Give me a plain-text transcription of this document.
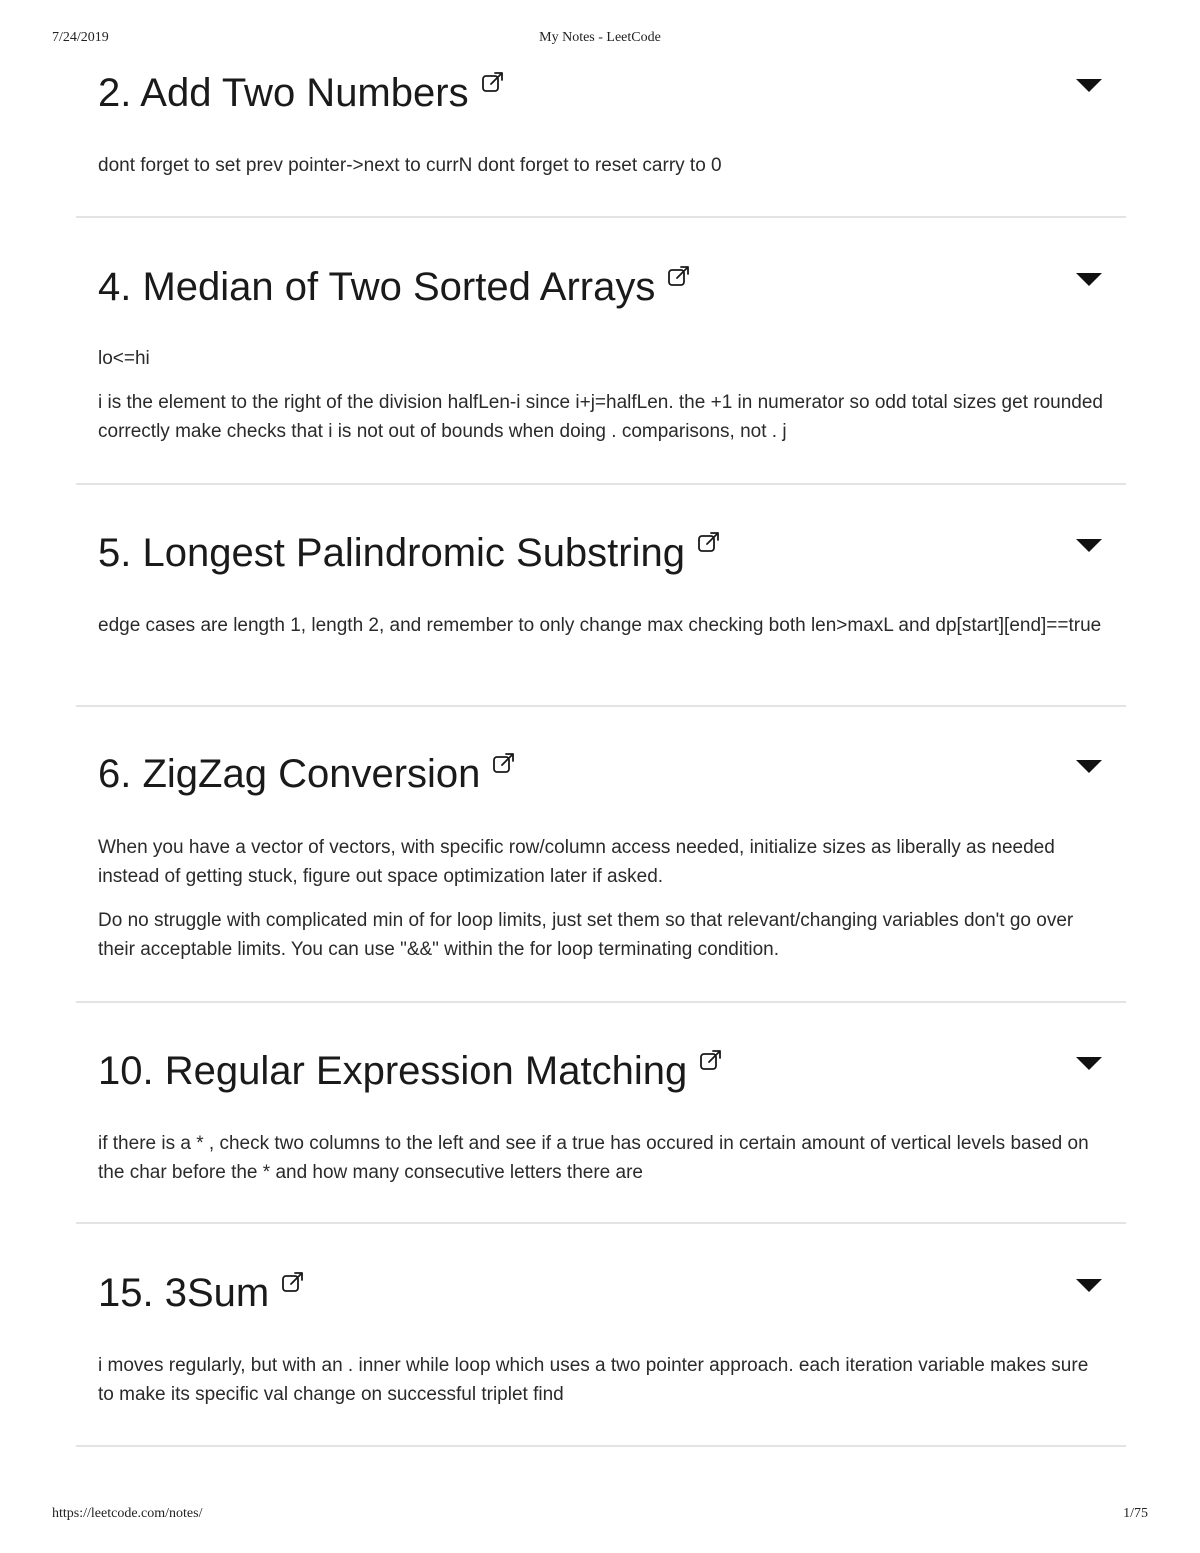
7/24/2019	My Notes - LeetCode
2. Add Two Numbers

dont forget to set prev pointer->next to currN dont forget to reset carry to 0

4. Median of Two Sorted Arrays

lo<=hi

i is the element to the right of the division halfLen-i since i+j=halfLen. the +1 in numerator so odd total sizes get rounded correctly make checks that i is not out of bounds when doing . comparisons, not . j

5. Longest Palindromic Substring

edge cases are length 1, length 2, and remember to only change max checking both len>maxL and dp[start][end]==true

6. ZigZag Conversion

When you have a vector of vectors, with specific row/column access needed, initialize sizes as liberally as needed instead of getting stuck, figure out space optimization later if asked.

Do no struggle with complicated min of for loop limits, just set them so that relevant/changing variables don't go over their acceptable limits. You can use "&&" within the for loop terminating condition.

10. Regular Expression Matching

if there is a * , check two columns to the left and see if a true has occured in certain amount of vertical levels based on the char before the * and how many consecutive letters there are

15. 3Sum

i moves regularly, but with an . inner while loop which uses a two pointer approach. each iteration variable makes sure to make its specific val change on successful triplet find

https://leetcode.com/notes/	1/75
